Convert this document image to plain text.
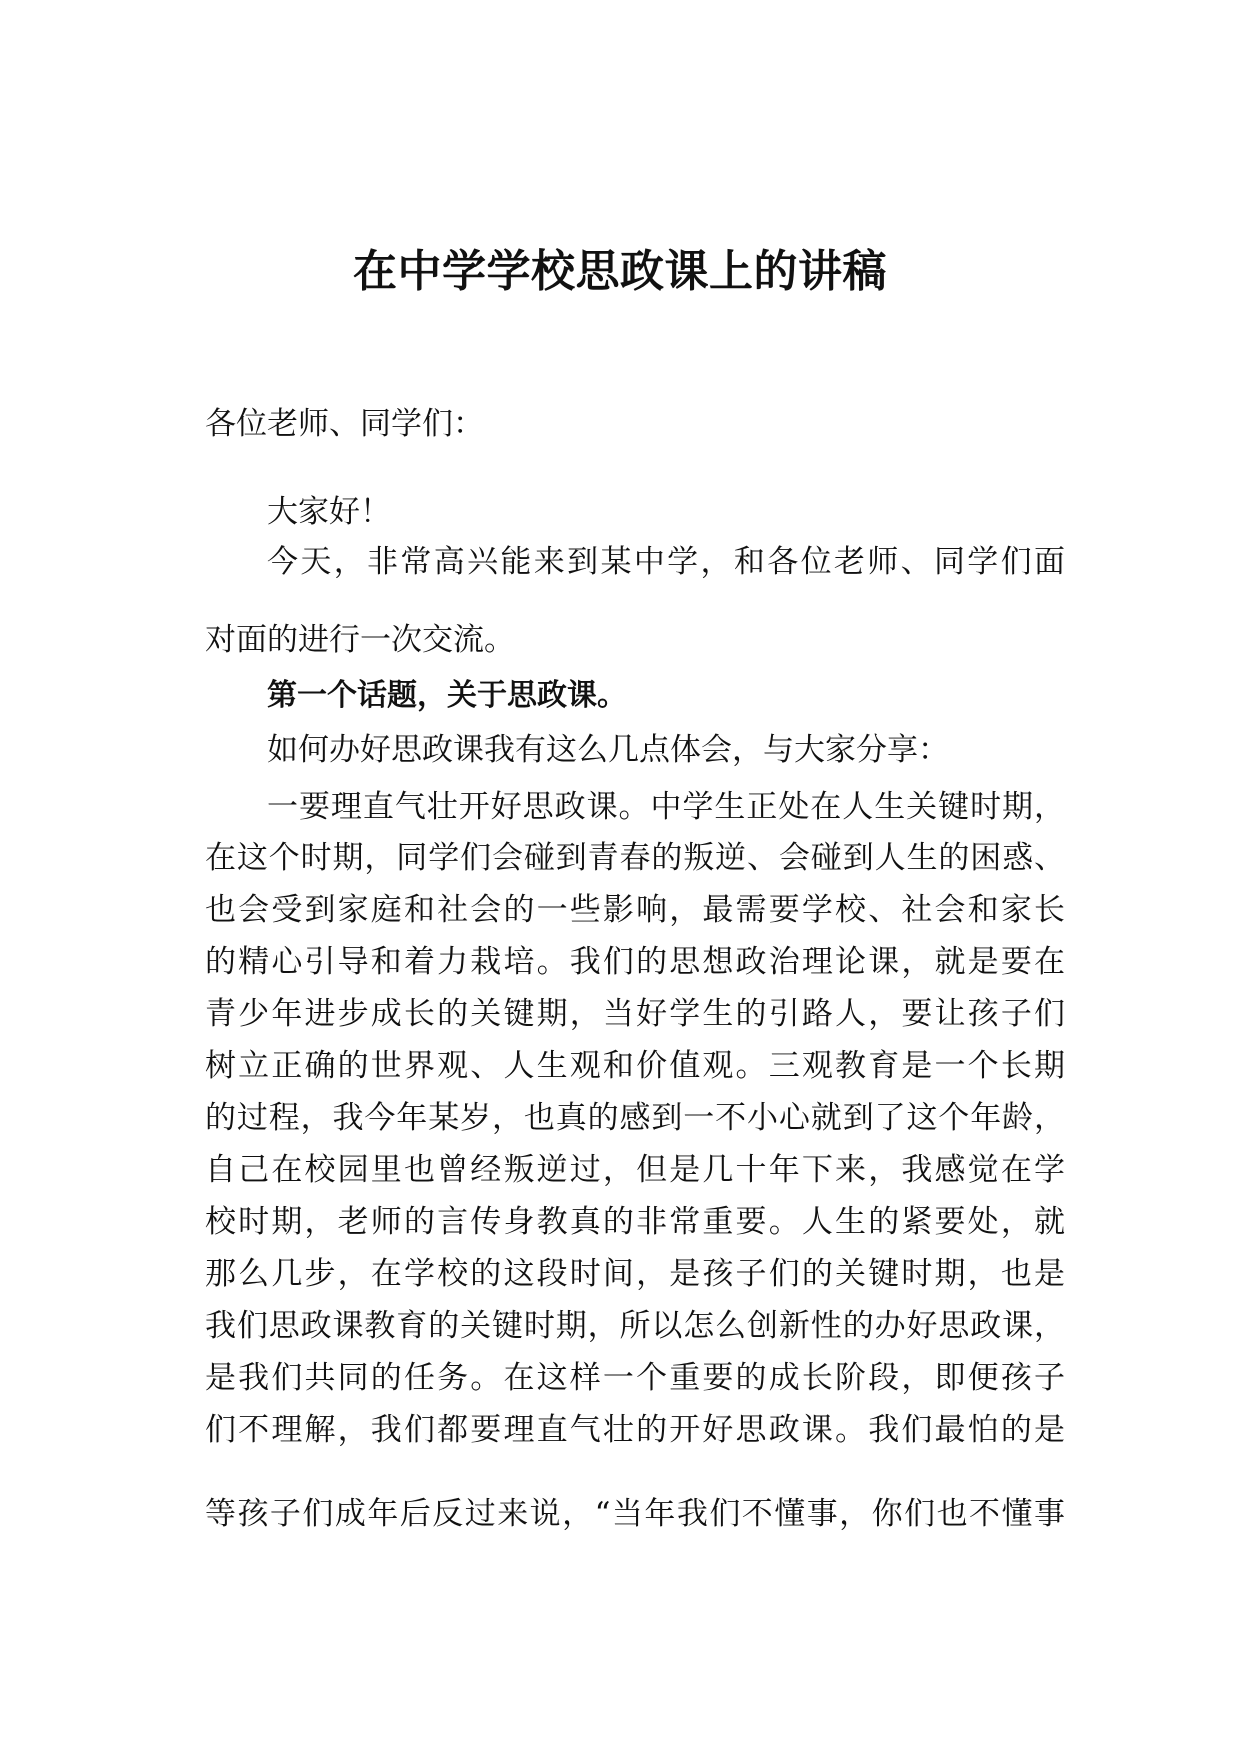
在中学学校思政课上的讲稿
各位老师、同学们：
大家好！
今天，非常高兴能来到某中学，和各位老师、同学们面
对面的进行一次交流。
第一个话题，关于思政课。
如何办好思政课我有这么几点体会，与大家分享：
一要理直气壮开好思政课。中学生正处在人生关键时期，
在这个时期，同学们会碰到青春的叛逆、会碰到人生的困惑、
也会受到家庭和社会的一些影响，最需要学校、社会和家长
的精心引导和着力栽培。我们的思想政治理论课，就是要在
青少年进步成长的关键期，当好学生的引路人，要让孩子们
树立正确的世界观、人生观和价值观。三观教育是一个长期
的过程，我今年某岁，也真的感到一不小心就到了这个年龄，
自己在校园里也曾经叛逆过，但是几十年下来，我感觉在学
校时期，老师的言传身教真的非常重要。人生的紧要处，就
那么几步，在学校的这段时间，是孩子们的关键时期，也是
我们思政课教育的关键时期，所以怎么创新性的办好思政课，
是我们共同的任务。在这样一个重要的成长阶段，即便孩子
们不理解，我们都要理直气壮的开好思政课。我们最怕的是
等孩子们成年后反过来说，“当年我们不懂事，你们也不懂事
